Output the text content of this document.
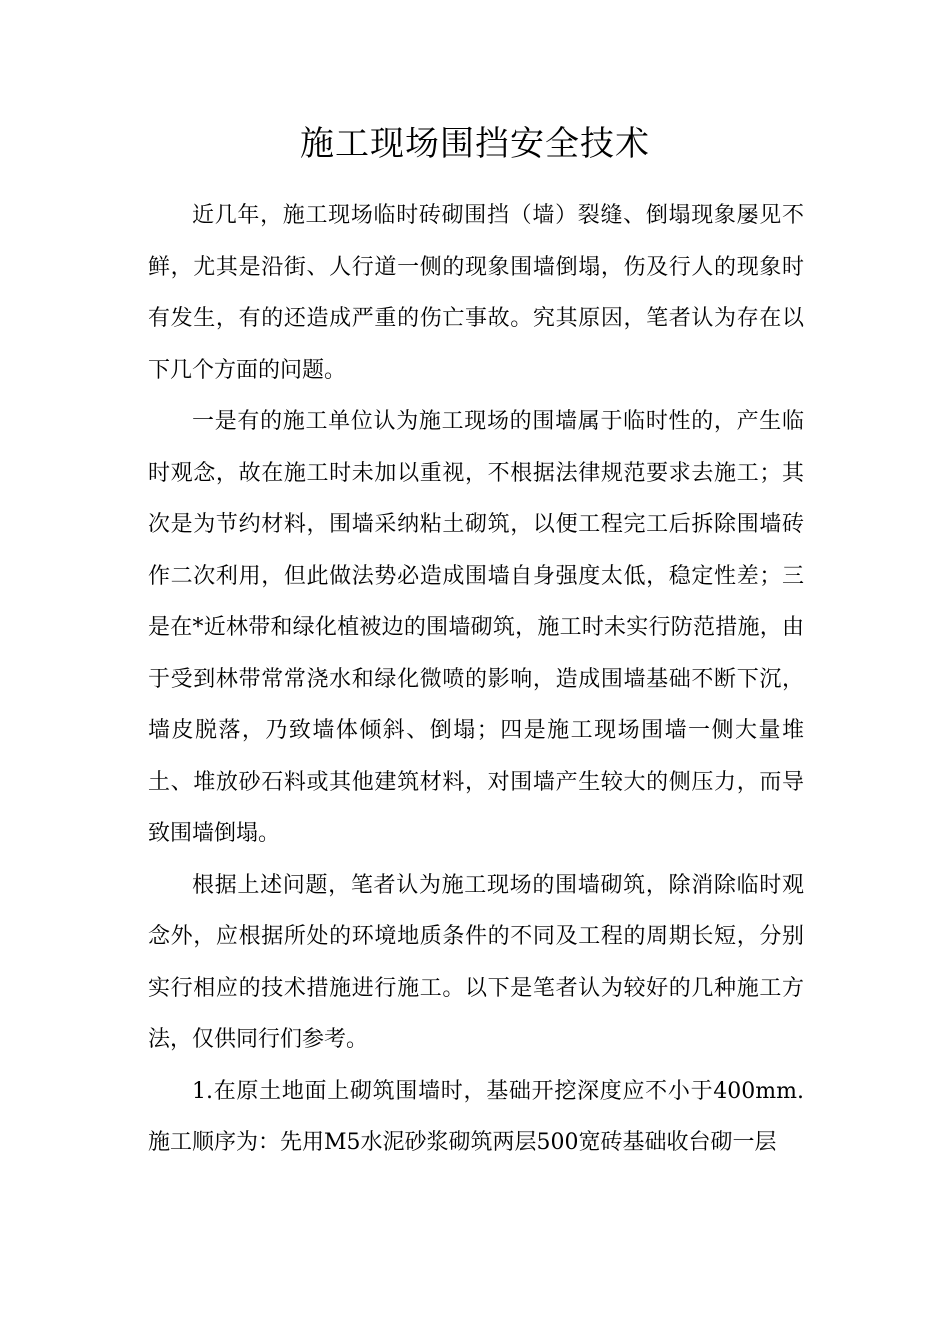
施工现场围挡安全技术

近几年，施工现场临时砖砌围挡（墙）裂缝、倒塌现象屡见不鲜，尤其是沿街、人行道一侧的现象围墙倒塌，伤及行人的现象时有发生，有的还造成严重的伤亡事故。究其原因，笔者认为存在以下几个方面的问题。

一是有的施工单位认为施工现场的围墙属于临时性的，产生临时观念，故在施工时未加以重视，不根据法律规范要求去施工；其次是为节约材料，围墙采纳粘土砌筑，以便工程完工后拆除围墙砖作二次利用，但此做法势必造成围墙自身强度太低，稳定性差；三是在*近林带和绿化植被边的围墙砌筑，施工时未实行防范措施，由于受到林带常常浇水和绿化微喷的影响，造成围墙基础不断下沉，墙皮脱落，乃致墙体倾斜、倒塌；四是施工现场围墙一侧大量堆土、堆放砂石料或其他建筑材料，对围墙产生较大的侧压力，而导致围墙倒塌。

根据上述问题，笔者认为施工现场的围墙砌筑，除消除临时观念外，应根据所处的环境地质条件的不同及工程的周期长短，分别实行相应的技术措施进行施工。以下是笔者认为较好的几种施工方法，仅供同行们参考。

1.在原土地面上砌筑围墙时，基础开挖深度应不小于400mm.施工顺序为：先用M5水泥砂浆砌筑两层500宽砖基础收台砌一层
